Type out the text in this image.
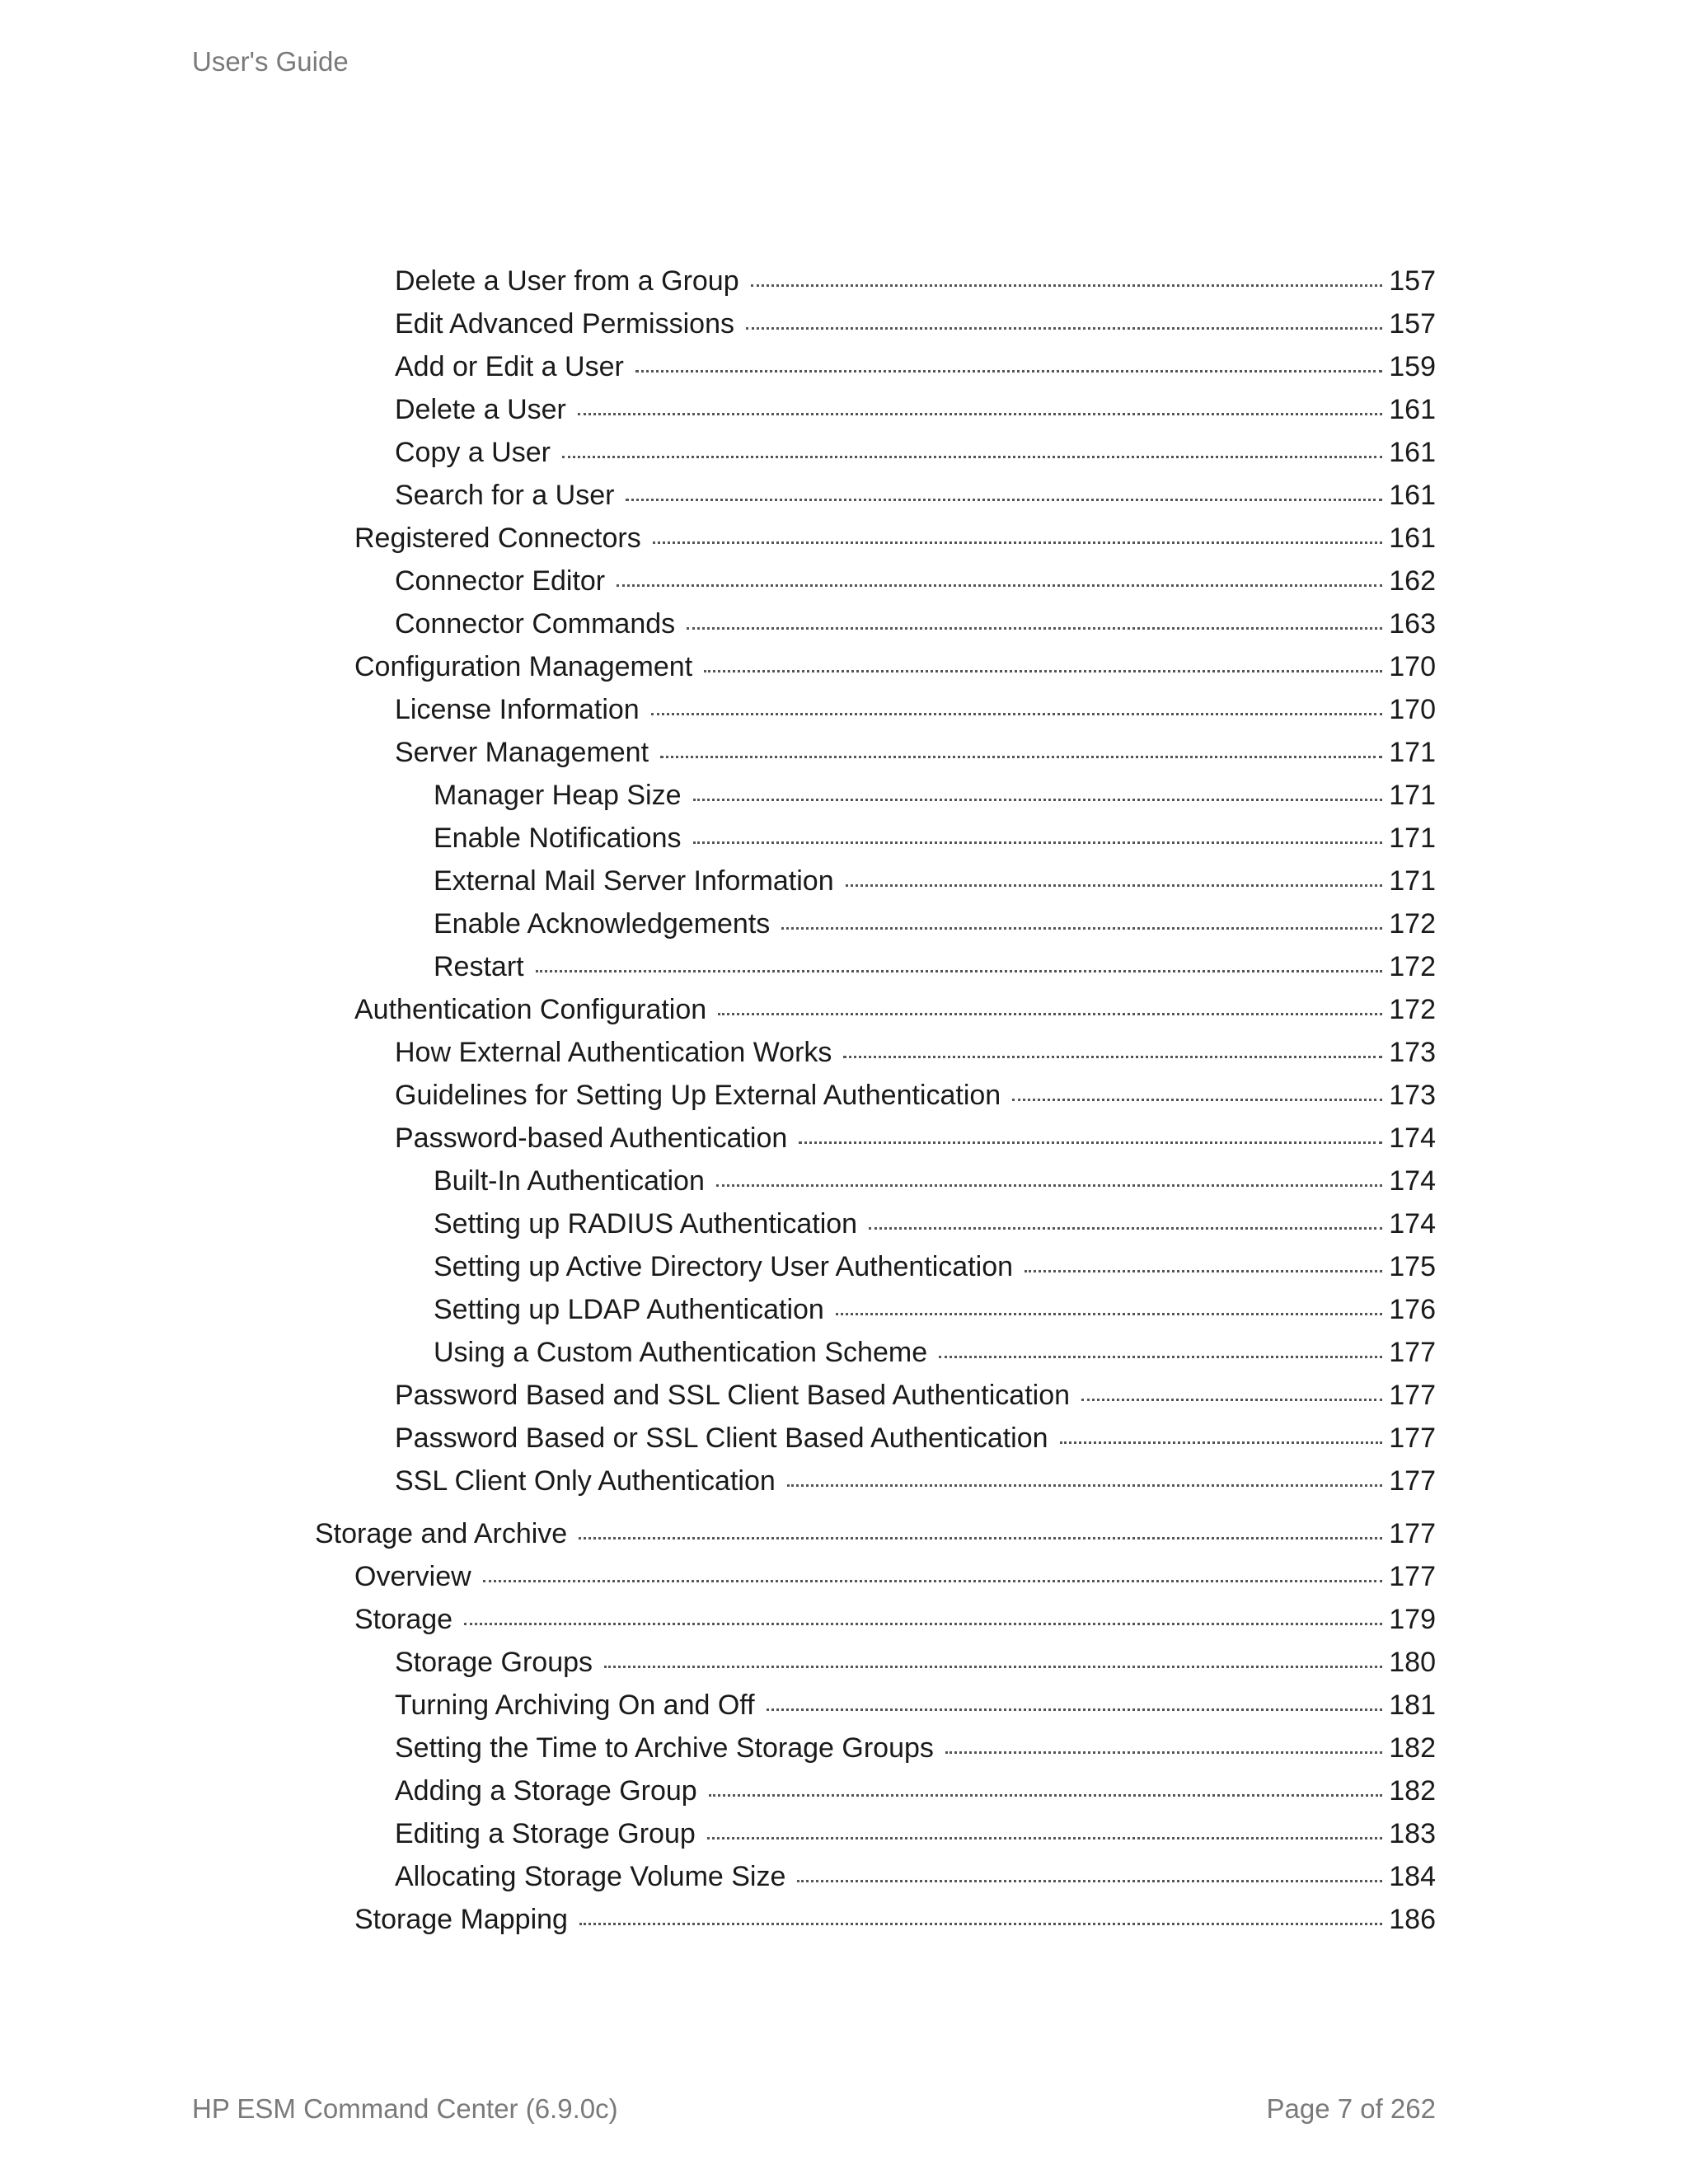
User's Guide
Delete a User from a Group	157
Edit Advanced Permissions	157
Add or Edit a User	159
Delete a User	161
Copy a User	161
Search for a User	161
Registered Connectors	161
Connector Editor	162
Connector Commands	163
Configuration Management	170
License Information	170
Server Management	171
Manager Heap Size	171
Enable Notifications	171
External Mail Server Information	171
Enable Acknowledgements	172
Restart	172
Authentication Configuration	172
How External Authentication Works	173
Guidelines for Setting Up External Authentication	173
Password-based Authentication	174
Built-In Authentication	174
Setting up RADIUS Authentication	174
Setting up Active Directory User Authentication	175
Setting up LDAP Authentication	176
Using a Custom Authentication Scheme	177
Password Based and SSL Client Based Authentication	177
Password Based or SSL Client Based Authentication	177
SSL Client Only Authentication	177
Storage and Archive	177
Overview	177
Storage	179
Storage Groups	180
Turning Archiving On and Off	181
Setting the Time to Archive Storage Groups	182
Adding a Storage Group	182
Editing a Storage Group	183
Allocating Storage Volume Size	184
Storage Mapping	186
HP ESM Command Center (6.9.0c)	Page 7 of 262
